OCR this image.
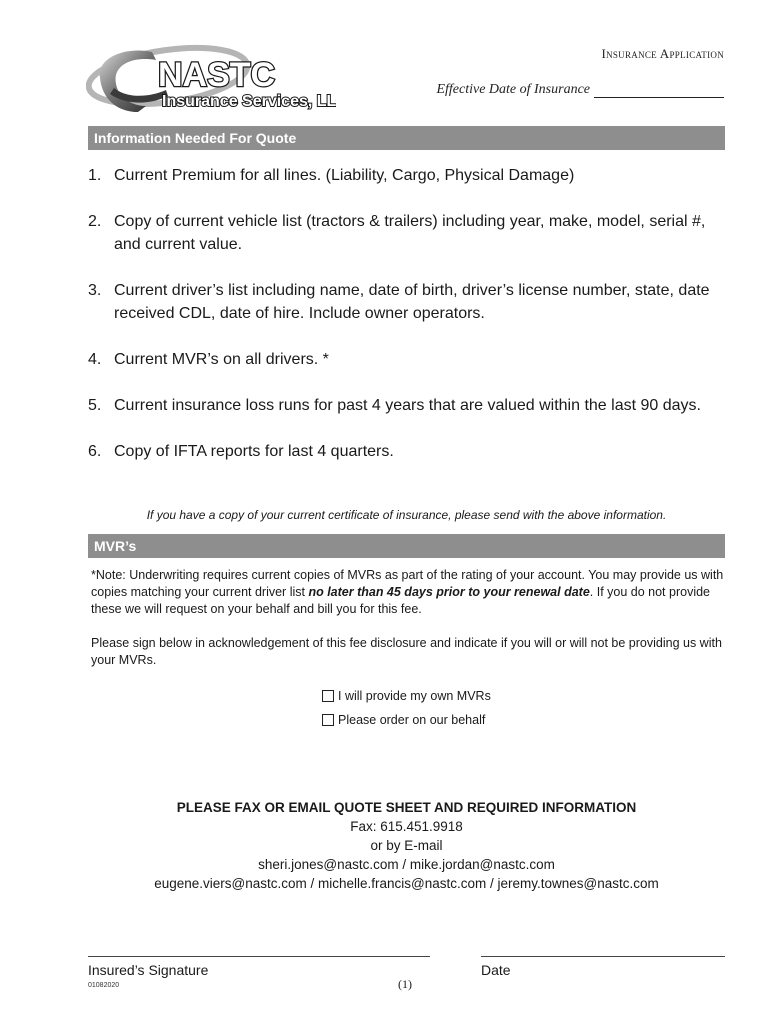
NASTC
Insurance Services, LLC
Insurance Application
Effective Date of Insurance
Information Needed For Quote
1. Current Premium for all lines. (Liability, Cargo, Physical Damage)
2. Copy of current vehicle list (tractors & trailers) including year, make, model, serial #, and current value.
3. Current driver’s list including name, date of birth, driver’s license number, state, date received CDL, date of hire. Include owner operators.
4. Current MVR’s on all drivers. *
5. Current insurance loss runs for past 4 years that are valued within the last 90 days.
6. Copy of IFTA reports for last 4 quarters.
If you have a copy of your current certificate of insurance, please send with the above information.
MVR’s
*Note: Underwriting requires current copies of MVRs as part of the rating of your account. You may provide us with copies matching your current driver list no later than 45 days prior to your renewal date. If you do not provide these we will request on your behalf and bill you for this fee.
Please sign below in acknowledgement of this fee disclosure and indicate if you will or will not be providing us with your MVRs.
I will provide my own MVRs
Please order on our behalf
PLEASE FAX OR EMAIL QUOTE SHEET AND REQUIRED INFORMATION
Fax: 615.451.9918
or by E-mail
sheri.jones@nastc.com / mike.jordan@nastc.com
eugene.viers@nastc.com / michelle.francis@nastc.com / jeremy.townes@nastc.com
Insured’s Signature	Date
01082020	(1)
